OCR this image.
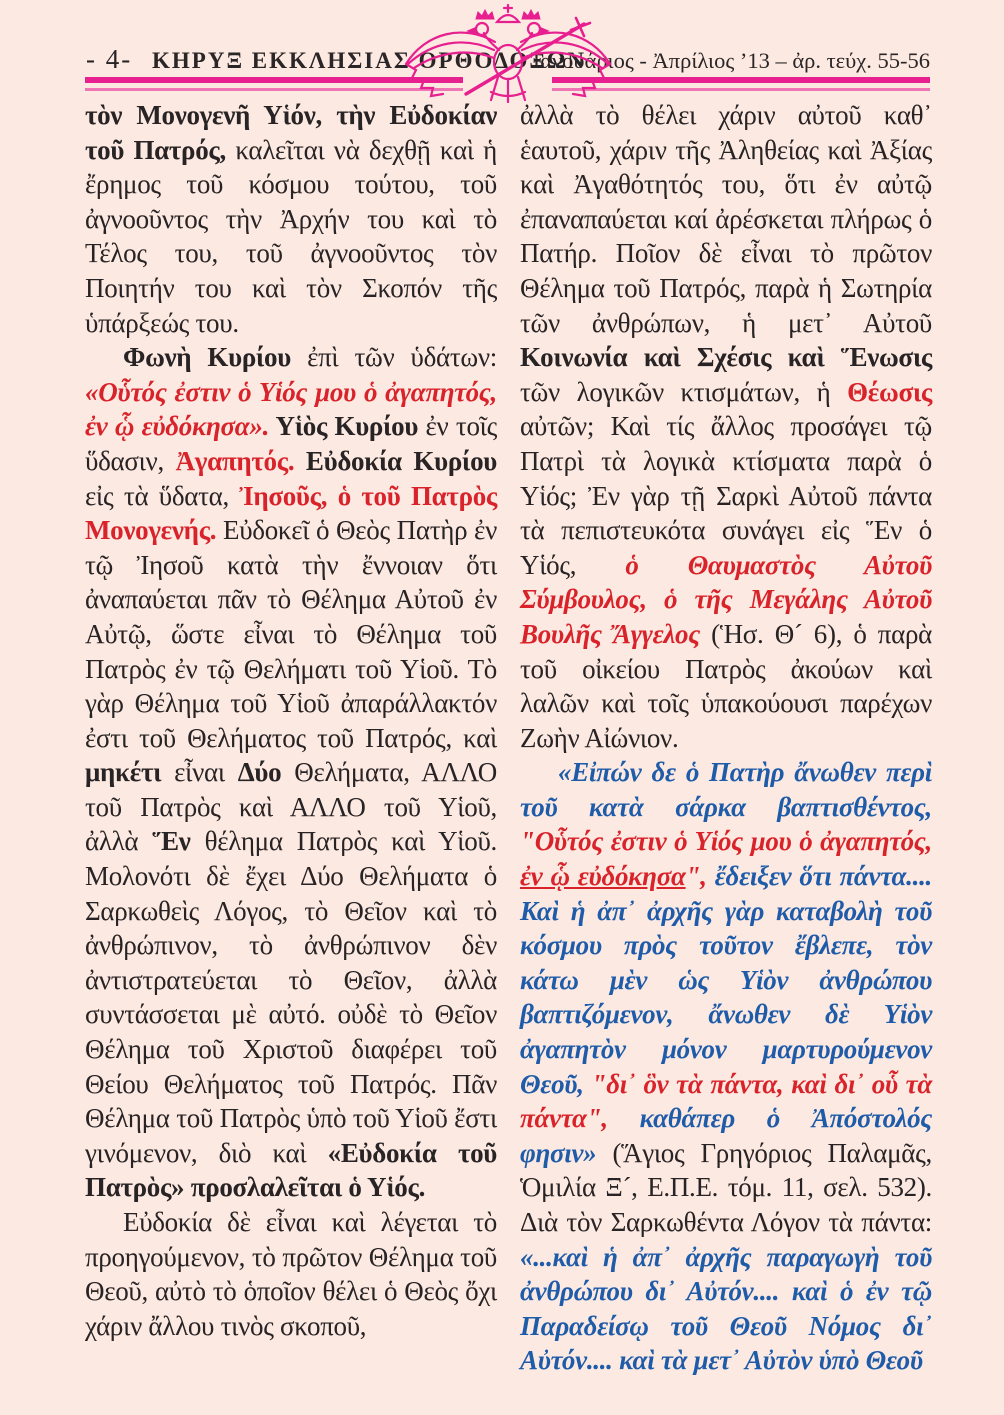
- 4- ΚΗΡΥΞ ΕΚΚΛΗΣΙΑΣ ΟΡΘΟΔΟΞΩΝ
Ἰανουάριος - Ἀπρίλιος ’13 – ἀρ. τεύχ. 55-56

τὸν Μονογενῆ Υἱόν, τὴν Εὐδοκίαν τοῦ Πατρός, καλεῖται νὰ δεχθῇ καὶ ἡ ἔρημος τοῦ κόσμου τούτου, τοῦ ἀγνοοῦντος τὴν Ἀρχήν του καὶ τὸ Τέλος του, τοῦ ἀγνοοῦντος τὸν Ποιητήν του καὶ τὸν Σκοπόν τῆς ὑπάρξεώς του.

Φωνὴ Κυρίου ἐπὶ τῶν ὑδάτων: «Οὗτός ἐστιν ὁ Υἱός μου ὁ ἀγαπητός, ἐν ᾧ εὐδόκησα». Υἱὸς Κυρίου ἐν τοῖς ὕδασιν, Ἀγαπητός. Εὐδοκία Κυρίου εἰς τὰ ὕδατα, Ἰησοῦς, ὁ τοῦ Πατρὸς Μονογενής. Εὐδοκεῖ ὁ Θεὸς Πατὴρ ἐν τῷ Ἰησοῦ κατὰ τὴν ἔννοιαν ὅτι ἀναπαύεται πᾶν τὸ Θέλημα Αὐτοῦ ἐν Αὐτῷ, ὥστε εἶναι τὸ Θέλημα τοῦ Πατρὸς ἐν τῷ Θελήματι τοῦ Υἱοῦ. Τὸ γὰρ Θέλημα τοῦ Υἱοῦ ἀπαράλλακτόν ἐστι τοῦ Θελήματος τοῦ Πατρός, καὶ μηκέτι εἶναι Δύο Θελήματα, ΑΛΛΟ τοῦ Πατρὸς καὶ ΑΛΛΟ τοῦ Υἱοῦ, ἀλλὰ Ἕν θέλημα Πατρὸς καὶ Υἱοῦ. Μολονότι δὲ ἔχει Δύο Θελήματα ὁ Σαρκωθεὶς Λόγος, τὸ Θεῖον καὶ τὸ ἀνθρώπινον, τὸ ἀνθρώπινον δὲν ἀντιστρατεύεται τὸ Θεῖον, ἀλλὰ συντάσσεται μὲ αὐτό. οὐδὲ τὸ Θεῖον Θέλημα τοῦ Χριστοῦ διαφέρει τοῦ Θείου Θελήματος τοῦ Πατρός. Πᾶν Θέλημα τοῦ Πατρὸς ὑπὸ τοῦ Υἱοῦ ἔστι γινόμενον, διὸ καὶ «Εὐδοκία τοῦ Πατρὸς» προσλαλεῖται ὁ Υἱός.

Εὐδοκία δὲ εἶναι καὶ λέγεται τὸ προηγούμενον, τὸ πρῶτον Θέλημα τοῦ Θεοῦ, αὐτὸ τὸ ὁποῖον θέλει ὁ Θεὸς ὄχι χάριν ἄλλου τινὸς σκοποῦ,

ἀλλὰ τὸ θέλει χάριν αὐτοῦ καθ᾽ ἑαυτοῦ, χάριν τῆς Ἀληθείας καὶ Ἀξίας καὶ Ἀγαθότητός του, ὅτι ἐν αὐτῷ ἐπαναπαύεται καί ἀρέσκεται πλήρως ὁ Πατήρ. Ποῖον δὲ εἶναι τὸ πρῶτον Θέλημα τοῦ Πατρός, παρὰ ἡ Σωτηρία τῶν ἀνθρώπων, ἡ μετ᾽ Αὐτοῦ Κοινωνία καὶ Σχέσις καὶ Ἕνωσις τῶν λογικῶν κτισμάτων, ἡ Θέωσις αὐτῶν; Καὶ τίς ἄλλος προσάγει τῷ Πατρὶ τὰ λογικὰ κτίσματα παρὰ ὁ Υἱός; Ἐν γὰρ τῇ Σαρκὶ Αὐτοῦ πάντα τὰ πεπιστευκότα συνάγει εἰς Ἕν ὁ Υἱός, ὁ Θαυμαστὸς Αὐτοῦ Σύμβουλος, ὁ τῆς Μεγάλης Αὐτοῦ Βουλῆς Ἄγγελος (Ἡσ. Θ´ 6), ὁ παρὰ τοῦ οἰκείου Πατρὸς ἀκούων καὶ λαλῶν καὶ τοῖς ὑπακούουσι παρέχων Ζωὴν Αἰώνιον.

«Εἰπών δε ὁ Πατὴρ ἄνωθεν περὶ τοῦ κατὰ σάρκα βαπτισθέντος, "Οὗτός ἐστιν ὁ Υἱός μου ὁ ἀγαπητός, ἐν ᾧ εὐδόκησα", ἔδειξεν ὅτι πάντα.... Καὶ ἡ ἀπ᾽ ἀρχῆς γὰρ καταβολὴ τοῦ κόσμου πρὸς τοῦτον ἔβλεπε, τὸν κάτω μὲν ὡς Υἱὸν ἀνθρώπου βαπτιζόμενον, ἄνωθεν δὲ Υἱὸν ἀγαπητὸν μόνον μαρτυρούμενον Θεοῦ, "δι᾽ ὃν τὰ πάντα, καὶ δι᾽ οὗ τὰ πάντα", καθάπερ ὁ Ἀπόστολός φησιν» (Ἅγιος Γρηγόριος Παλαμᾶς, Ὁμιλία Ξ´, Ε.Π.Ε. τόμ. 11, σελ. 532). Διὰ τὸν Σαρκωθέντα Λόγον τὰ πάντα: «...καὶ ἡ ἀπ᾽ ἀρχῆς παραγωγὴ τοῦ ἀνθρώπου δι᾽ Αὐτόν.... καὶ ὁ ἐν τῷ Παραδείσῳ τοῦ Θεοῦ Νόμος δι᾽ Αὐτόν.... καὶ τὰ μετ᾽ Αὐτὸν ὑπὸ Θεοῦ
